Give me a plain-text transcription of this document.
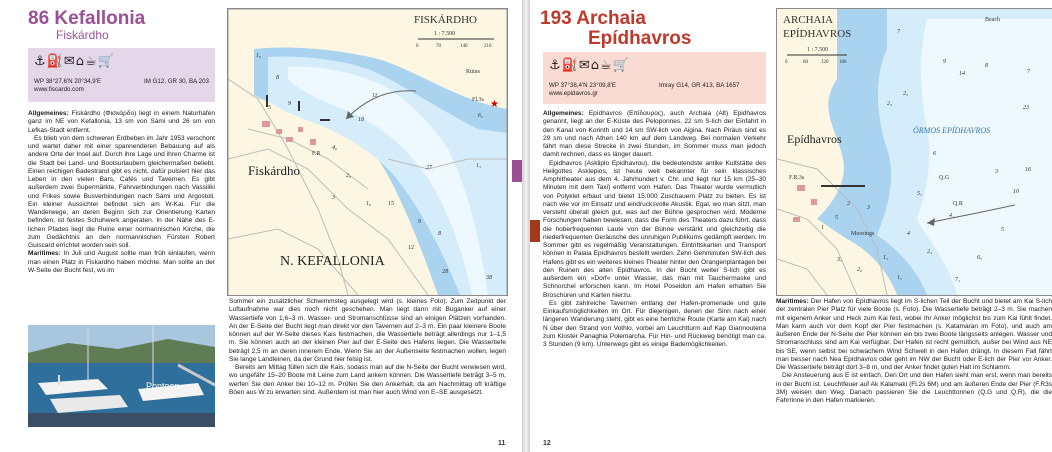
86 Kefallonia
Fiskárdho
⚓⛽✉⌂☕🛒
WP 38°27,6'N 20°34,9'E	IM G12, GR 30, BA 203
www.fiscardo.com

Allgemeines: Fiskárdho (Φισκάρδο) liegt in einem Naturhafen ganz im NE von Kefallonia, 13 sm von Sámi und 26 sm von Lefkas-Stadt entfernt.

Es blieb von dem schweren Erdbeben im Jahr 1953 verschont und wartet daher mit einer spannenderen Bebauung auf als andere Orte der Insel auf. Durch ihre Lage und ihren Charme ist die Stadt bei Land- und Bootsurlaubern gleichermaßen beliebt. Einen reichigen Badestrand gibt es nicht, dafür pulsiert hier das Leben in den vielen Bars, Cafés und Tavernen. Es gibt außerdem zwei Supermärkte, Fahrverbindungen nach Vassiliki und Frikes sowie Busverbindungen nach Sámi und Argostoli. Ein kleiner Aussichter befindet sich am W-Kai. Für die Wanderwege, an deren Beginn sich zur Orientierung Karten befinden, ist festes Schuhwerk angeraten. In der Nähe des E-lichen Pfades liegt die Ruine einer normannischen Kirche, die zum Gedächtnis an den normannischen Fürsten Robert Guiscard errichtet worden sein soll.

Maritimes: In Juli und August sollte man früh einlaufen, wenn man einen Platz in Fiskardho haben möchte. Man sollte an der W-Seite der Bucht fest, wo im

Pontoon
★
FISKÁRDHO
1 : 7.500
0	70	140	210
Ruins
Fl.3s
F.R
Fiskárdho
N. KEFALLONIA
1₆
8
9
5
11
18
27
4₈
2₈
1₈
3
15
1₃
9
8
12
28
38
6₂

Sommer ein zusätzlicher Schwimmsteg ausgelegt wird (s. kleines Foto). Zum Zeitpunkt der Luftaufnahme war dies noch nicht geschehen. Man liegt dann mit Buganker auf einer Wassertiefe von 1,6–3 m. Wasser- und Stromanschlüsse sind an einigen Plätzen vorhanden. An der E-Seite der Bucht liegt man direkt vor den Tavernen auf 2–3 m. Ein paar kleinere Boote können auf der W-Seite dieses Kais festmachen, die Wassertiefe beträgt allerdings nur 1–1,5 m. Sie können auch an der kleinen Pier auf der E-Seite des Hafens liegen. Die Wassertiefe beträgt 2,5 m an deren innerem Ende. Wenn Sie an der Außenseite festmachen wollen, legen Sie lange Landleinen, da der Grund hier felsig ist.

Bereits am Mittag füllen sich die Kais, sodass man auf die N-Seite der Bucht verwiesen wird, wo ungefähr 15–20 Boote mit Leine zum Land ankern können. Die Wassertiefe beträgt 3–5 m, werfen Sie den Anker bei 10–12 m. Prüfen Sie den Ankerhalt, da am Nachmittag oft kräftige Böen aus W zu erwarten sind. Außerdem ist man hier auch Wind von E–SE ausgesetzt.

11
193 Archaia
Epídhavros
⚓⛽✉⌂☕🛒
WP 37°38,4'N 23°09,8'E	Imray G14, GR 413, BA 1657
www.epidavros.gr

Allgemeines: Epídhavros (Επίδαυρος), auch Archaia (Alt) Epidhavros genannt, liegt an der E-Küste des Peloponnes, 22 sm S-lich der Einfahrt in den Kanal von Korinth und 14 sm SW-lich von Aigina. Nach Piräus sind es 29 sm und nach Athen 140 km auf dem Landweg. Bei normalen Verkehr fährt man diese Strecke in zwei Stunden, im Sommer muss man jedoch damit rechnen, dass es länger dauert.

Epidhavros (Asklipio Epidhavrou), die bedeutendste antike Kultstätte des Heilgottes Asklepios, ist heute weit bekannter für sein klassisches Amphitheater aus dem 4. Jahrhundert v. Chr. und liegt nur 15 km (25–30 Minuten mit dem Taxi) entfernt vom Hafen. Das Theater wurde vermutlich von Polyklet erbaut und bietet 15.000 Zuschauern Platz zu bieten. Es ist nach wie vor im Einsatz und eindrucksvolle Akustik. Egal, wo man sitzt, man versteht überall gleich gut, was auf der Bühne gesprochen wird. Moderne Forschungen haben bewiesen, dass die Form des Theaters dazu führt, dass die hoberfrequenten Laute von der Bühne verstärkt und gleichzeitig die niederfrequenten Geräusche des unruhigen Publikums gedämpft werden. Im Sommer gibt es regelmäßig Veranstaltungen. Eintrittskarten und Transport können in Palaia Epídhavros bestellt werden. Zehn Gehminuten SW-lich des Hafens gibt es ein weiteres kleines Theater hinter den Orangenplantagen bei den Ruinen des alten Epidhavros. In der Bucht weiter S-lich gibt es außerdem ein »Dorf« unter Wasser, das man mit Tauchermaske und Schnorchel erforschen kann. Im Hotel Poseidon am Hafen erhalten Sie Broschüren und Karten hierzu.

Es gibt zahlreiche Tavernen entlang der Hafen-promenade und gute Einkaufsmöglichkeiten im Ort. Für diejenigen, denen der Sinn nach einer längeren Wanderung steht, gibt es eine herrliche Route (Karte am Kai) nach N über den Strand von Vothlo, vorbei am Leuchtturm auf Kap Giannoutena zum Kloster Panaghia Polemarcha. Für Hin- und Rückweg benötigt man ca. 3 Stunden (9 km). Unterwegs gibt es einige Bademöglichkeiten.

ARCHAIA
EPÍDHAVROS
1 : 7.500
0	60	120 180
Beach
Epídhavros
ÓRMOS EPÍDHAVROS
Moorings
F.R.3s	Q.G
Q.R
7
9
14
8
7
23
2₃
2₅
6
16
3
10
4₁
5
6₅
2₅
1₅
4
3
2
5
1
7₂
1₅
2₈
3₇
5₇

Maritimes: Der Hafen von Epídhavros liegt im S-lichen Teil der Bucht und bietet am Kai S-lich der zentralen Pier Platz für viele Boote (s. Foto). Die Wassertiefe beträgt 2–3 m. Sie machen mit eigenem Anker und Heck zum Kai fest, wobei Ihr Anker möglichst bis zum Kai fühlt findet. Man kann auch vor dem Kopf der Pier festmachen (s. Katamaran im Foto), und auch am äußeren Ende der N-Seite der Pier können ein bis zwei Boote längsseits anlegen. Wasser und Stromanschluss sind am Kai verfügbar. Der Hafen ist recht gemütlich, außer bei Wind aus NE bis SE, wenn selbst bei schwachem Wind Schwell in den Hafen drängt. In diesem Fall fährt man besser nach Nea Epídhavros oder geht im NW der Bucht oder E-lich der Pier vor Anker. Die Wassertiefe beträgt dort 3–8 m, und der Anker findet guten Halt im Schlamm.

Die Ansteuerung aus E ist einfach. Den Ort und den Hafen sieht man erst, wenn man bereits in der Bucht ist. Leuchtfeuer auf Ak Kalamaki (Fl.2s 6M) und am äußeren Ende der Pier (F.R3s 3M) weisen den Weg. Danach passieren Sie die Leuchttonnen (Q.G und Q.R), die die Fahrrinne in den Hafen markieren.

12
